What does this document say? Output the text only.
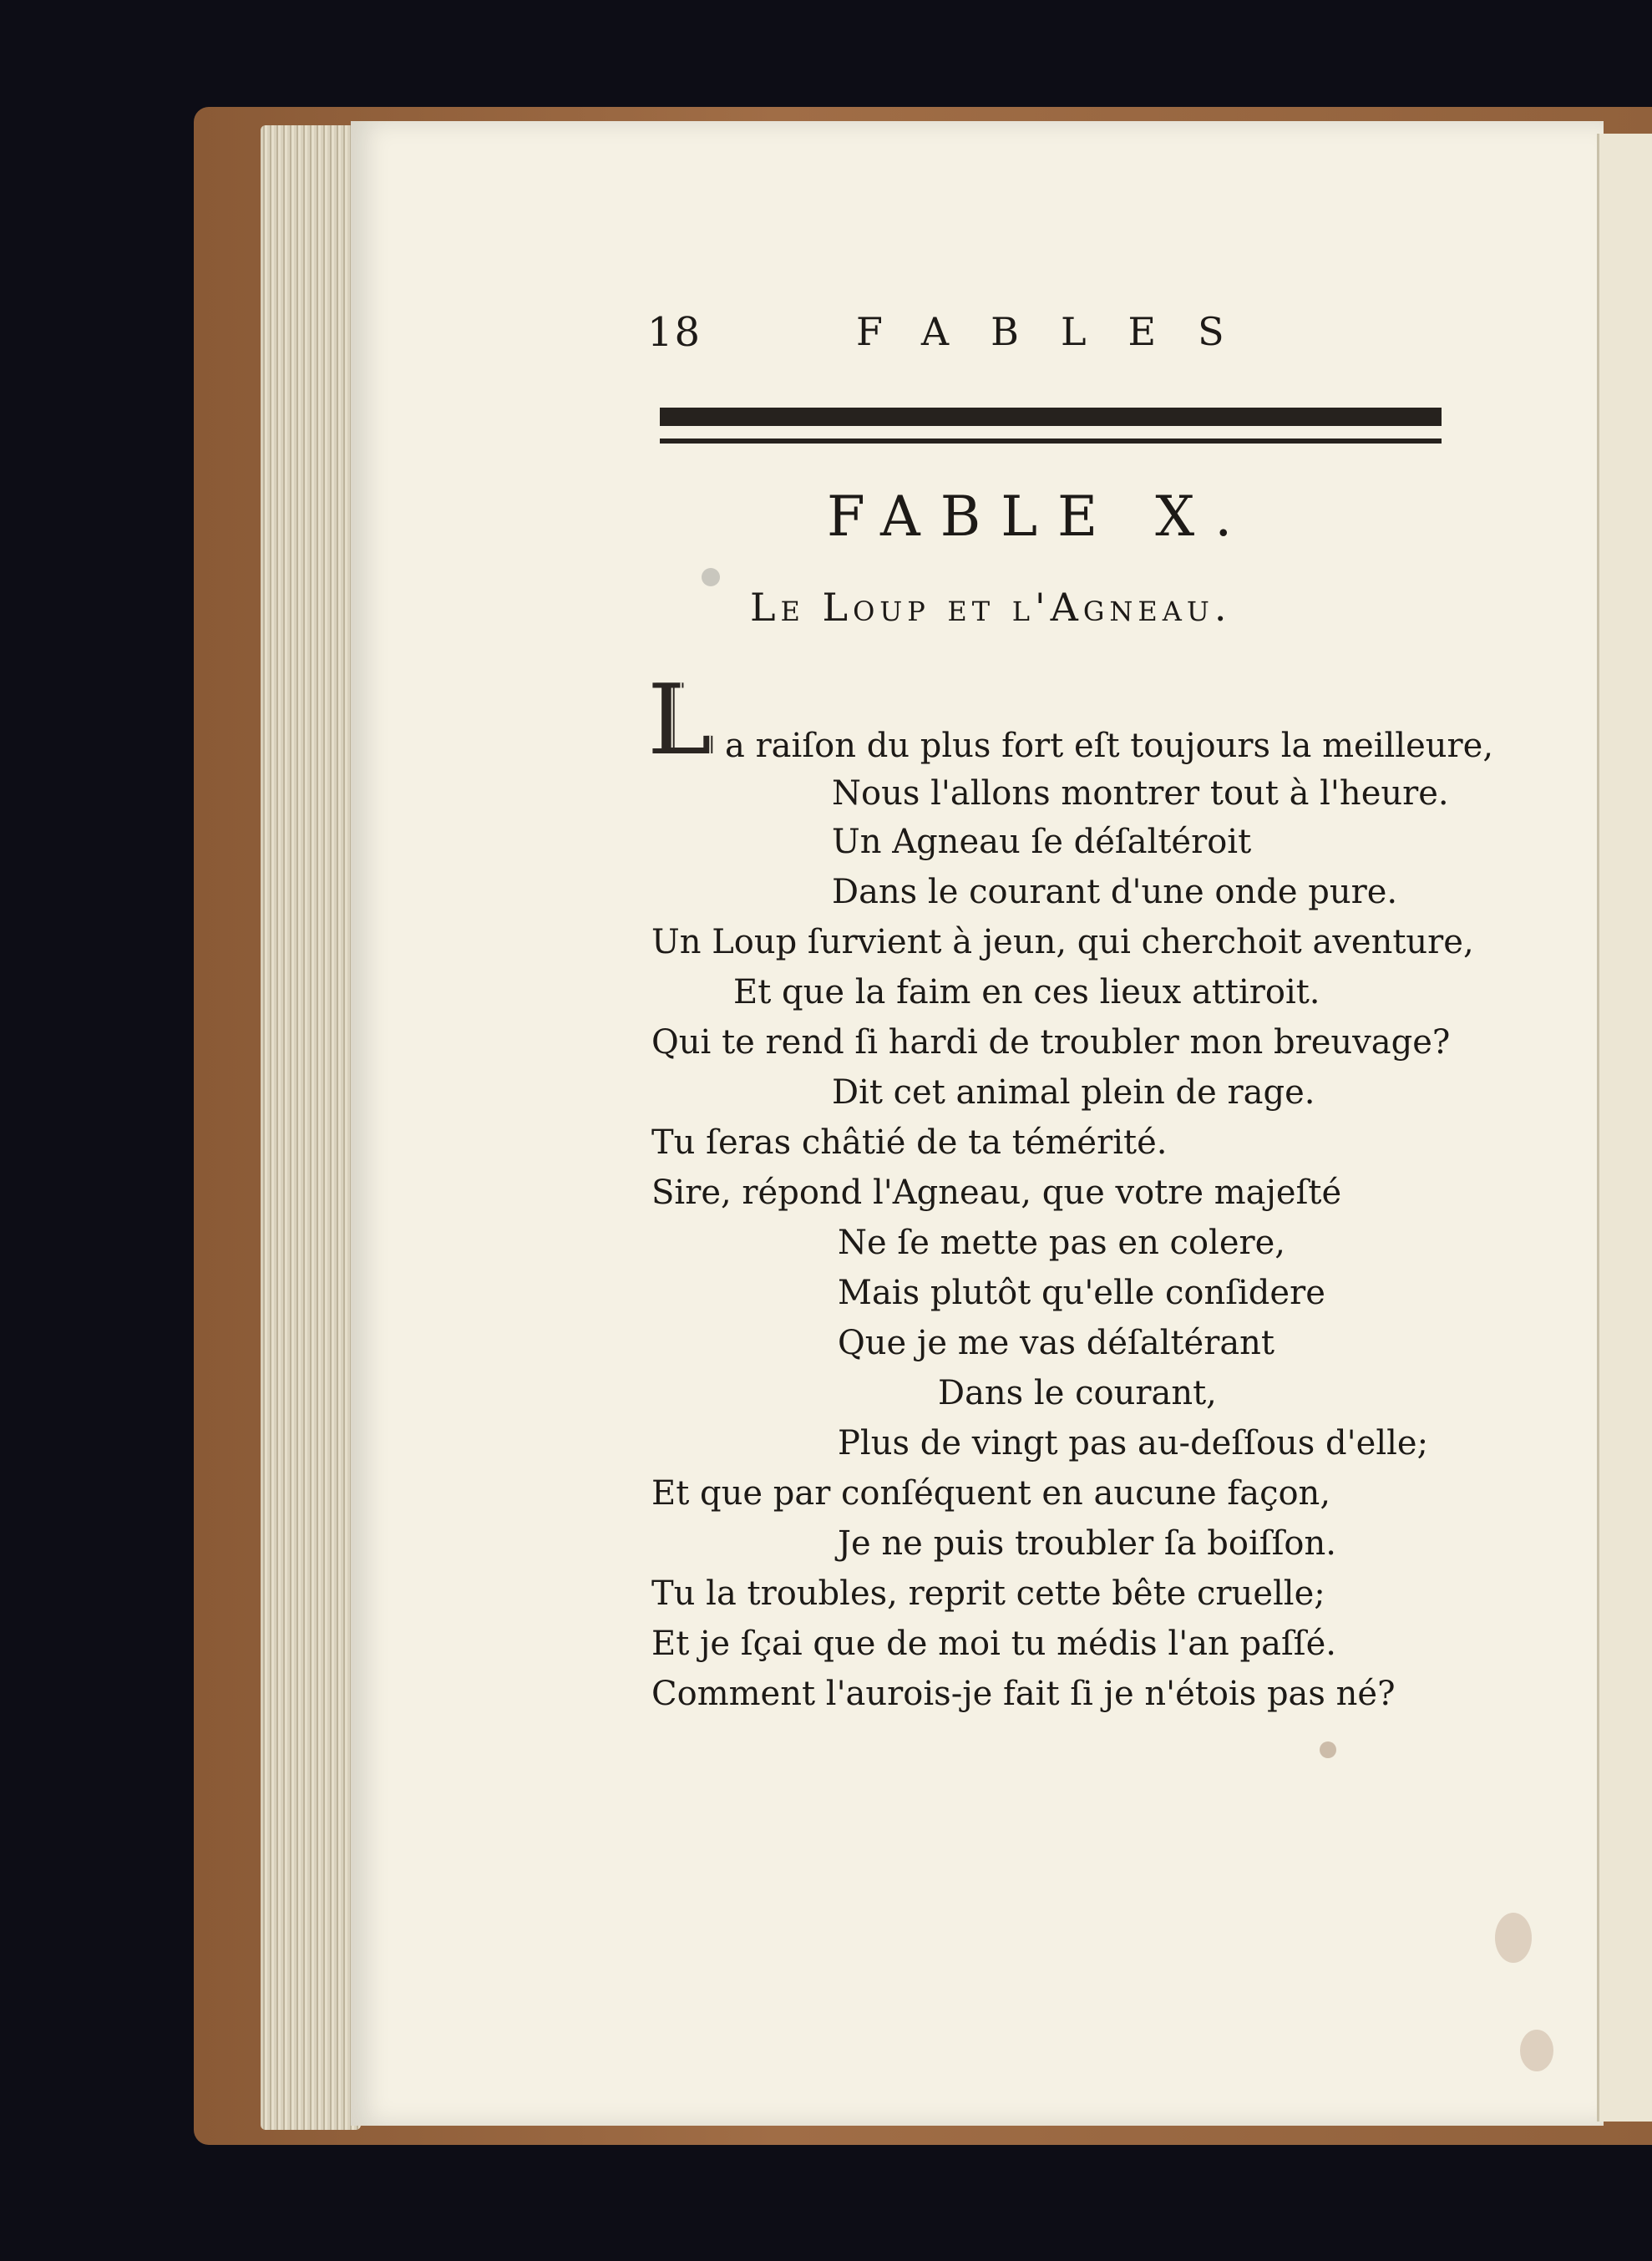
18	FABLES
FABLE X.
Le Loup et l'Agneau.
L a raiſon du plus fort eſt toujours la meilleure,
Nous l'allons montrer tout à l'heure.
Un Agneau ſe déſaltéroit
Dans le courant d'une onde pure.
Un Loup ſurvient à jeun, qui cherchoit aventure,
Et que la faim en ces lieux attiroit.
Qui te rend ſi hardi de troubler mon breuvage?
Dit cet animal plein de rage.
Tu ſeras châtié de ta témérité.
Sire, répond l'Agneau, que votre majeſté
Ne ſe mette pas en colere,
Mais plutôt qu'elle conſidere
Que je me vas déſaltérant
Dans le courant,
Plus de vingt pas au-deſſous d'elle;
Et que par conſéquent en aucune façon,
Je ne puis troubler ſa boiſſon.
Tu la troubles, reprit cette bête cruelle;
Et je ſçai que de moi tu médis l'an paſſé.
Comment l'aurois-je fait ſi je n'étois pas né?
